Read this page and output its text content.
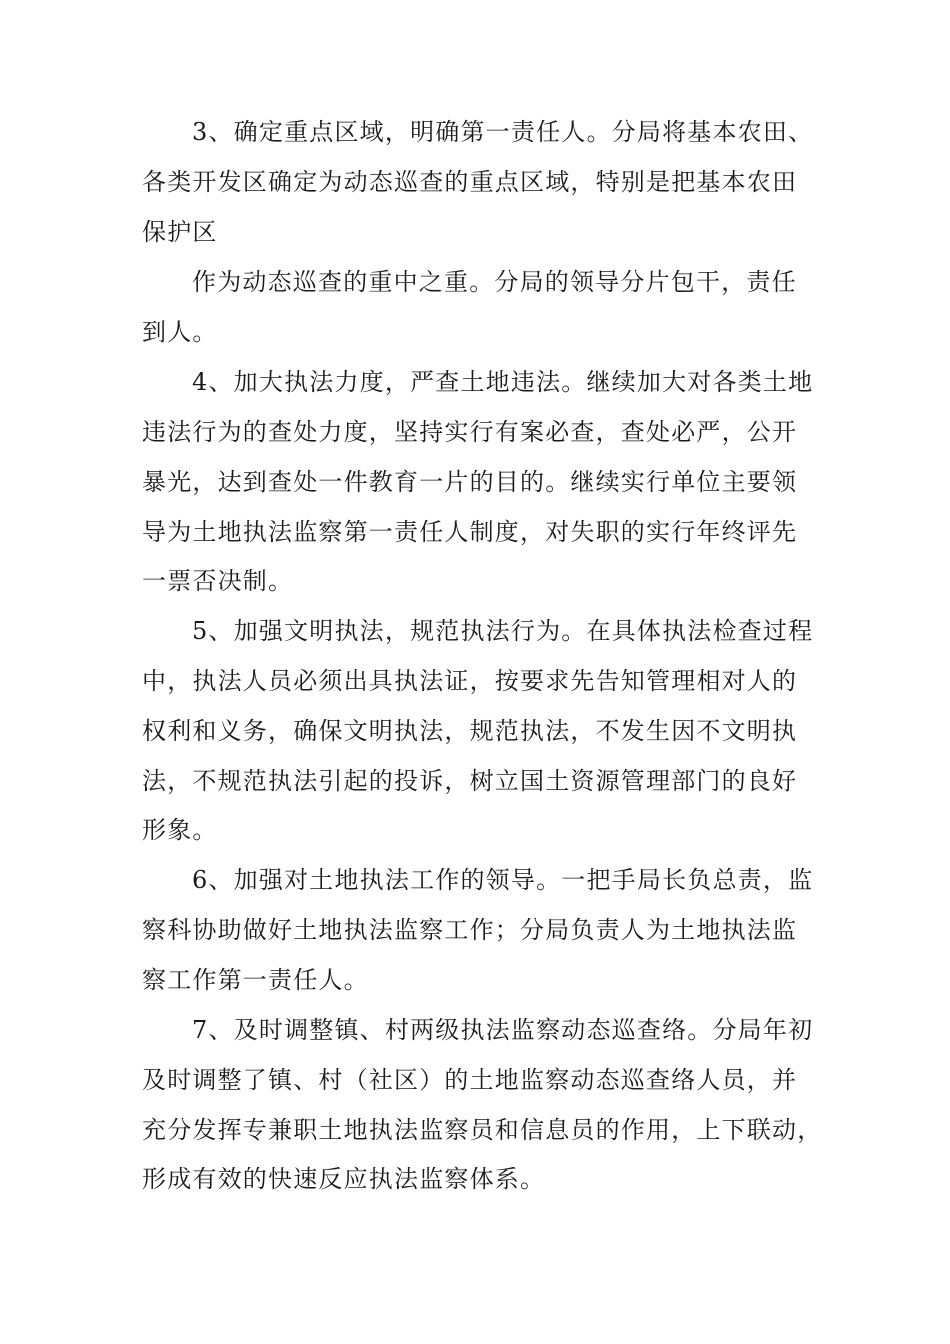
3、确定重点区域，明确第一责任人。分局将基本农田、

各类开发区确定为动态巡查的重点区域，特别是把基本农田

保护区

作为动态巡查的重中之重。分局的领导分片包干，责任

到人。

4、加大执法力度，严查土地违法。继续加大对各类土地

违法行为的查处力度，坚持实行有案必查，查处必严，公开

暴光，达到查处一件教育一片的目的。继续实行单位主要领

导为土地执法监察第一责任人制度，对失职的实行年终评先

一票否决制。

5、加强文明执法，规范执法行为。在具体执法检查过程

中，执法人员必须出具执法证，按要求先告知管理相对人的

权利和义务，确保文明执法，规范执法，不发生因不文明执

法，不规范执法引起的投诉，树立国土资源管理部门的良好

形象。

6、加强对土地执法工作的领导。一把手局长负总责，监

察科协助做好土地执法监察工作；分局负责人为土地执法监

察工作第一责任人。

7、及时调整镇、村两级执法监察动态巡查络。分局年初

及时调整了镇、村（社区）的土地监察动态巡查络人员，并

充分发挥专兼职土地执法监察员和信息员的作用，上下联动，

形成有效的快速反应执法监察体系。
